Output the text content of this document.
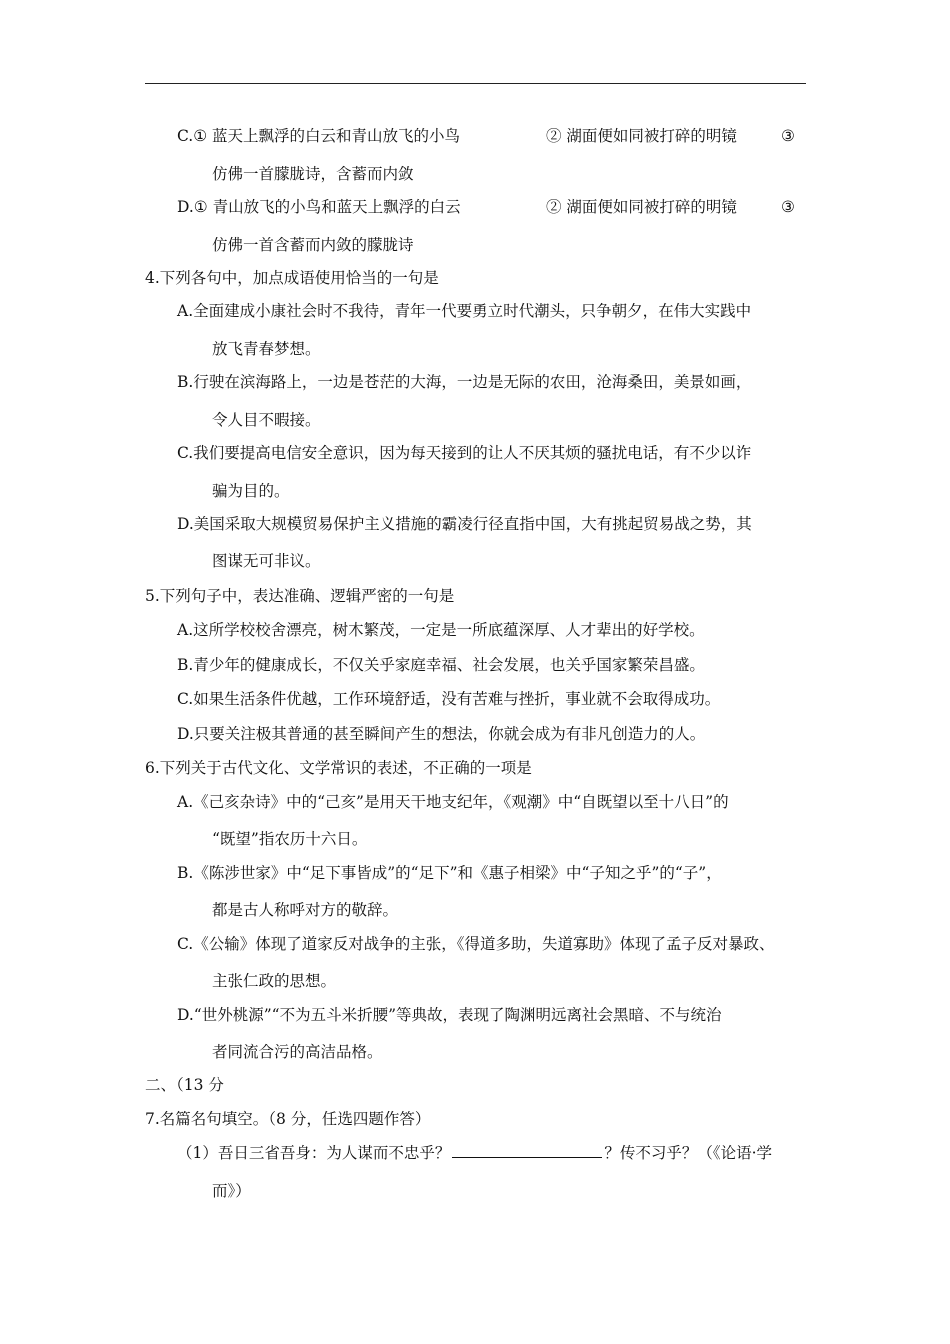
C.① 蓝天上飘浮的白云和青山放飞的小鸟	② 湖面便如同被打碎的明镜	③
仿佛一首朦胧诗，含蓄而内敛
D.① 青山放飞的小鸟和蓝天上飘浮的白云	② 湖面便如同被打碎的明镜	③
仿佛一首含蓄而内敛的朦胧诗
4.下列各句中，加点成语使用恰当的一句是
A.全面建成小康社会时不我待，青年一代要勇立时代潮头，只争朝夕，在伟大实践中
放飞青春梦想。
B.行驶在滨海路上，一边是苍茫的大海，一边是无际的农田，沧海桑田，美景如画，
令人目不暇接。
C.我们要提高电信安全意识，因为每天接到的让人不厌其烦的骚扰电话，有不少以诈
骗为目的。
D.美国采取大规模贸易保护主义措施的霸凌行径直指中国，大有挑起贸易战之势，其
图谋无可非议。
5.下列句子中，表达准确、逻辑严密的一句是
A.这所学校校舍漂亮，树木繁茂，一定是一所底蕴深厚、人才辈出的好学校。
B.青少年的健康成长，不仅关乎家庭幸福、社会发展，也关乎国家繁荣昌盛。
C.如果生活条件优越，工作环境舒适，没有苦难与挫折，事业就不会取得成功。
D.只要关注极其普通的甚至瞬间产生的想法，你就会成为有非凡创造力的人。
6.下列关于古代文化、文学常识的表述，不正确的一项是
A.《己亥杂诗》中的“己亥”是用天干地支纪年，《观潮》中“自既望以至十八日”的
“既望”指农历十六日。
B.《陈涉世家》中“足下事皆成”的“足下”和《惠子相梁》中“子知之乎”的“子”，
都是古人称呼对方的敬辞。
C.《公输》体现了道家反对战争的主张，《得道多助，失道寡助》体现了孟子反对暴政、
主张仁政的思想。
D.“世外桃源”“不为五斗米折腰”等典故，表现了陶渊明远离社会黑暗、不与统治
者同流合污的高洁品格。
二、（13 分
7.名篇名句填空。（8 分，任选四题作答）
（1）吾日三省吾身：为人谋而不忠乎？	？传不习乎？（《论语·学
而》）
